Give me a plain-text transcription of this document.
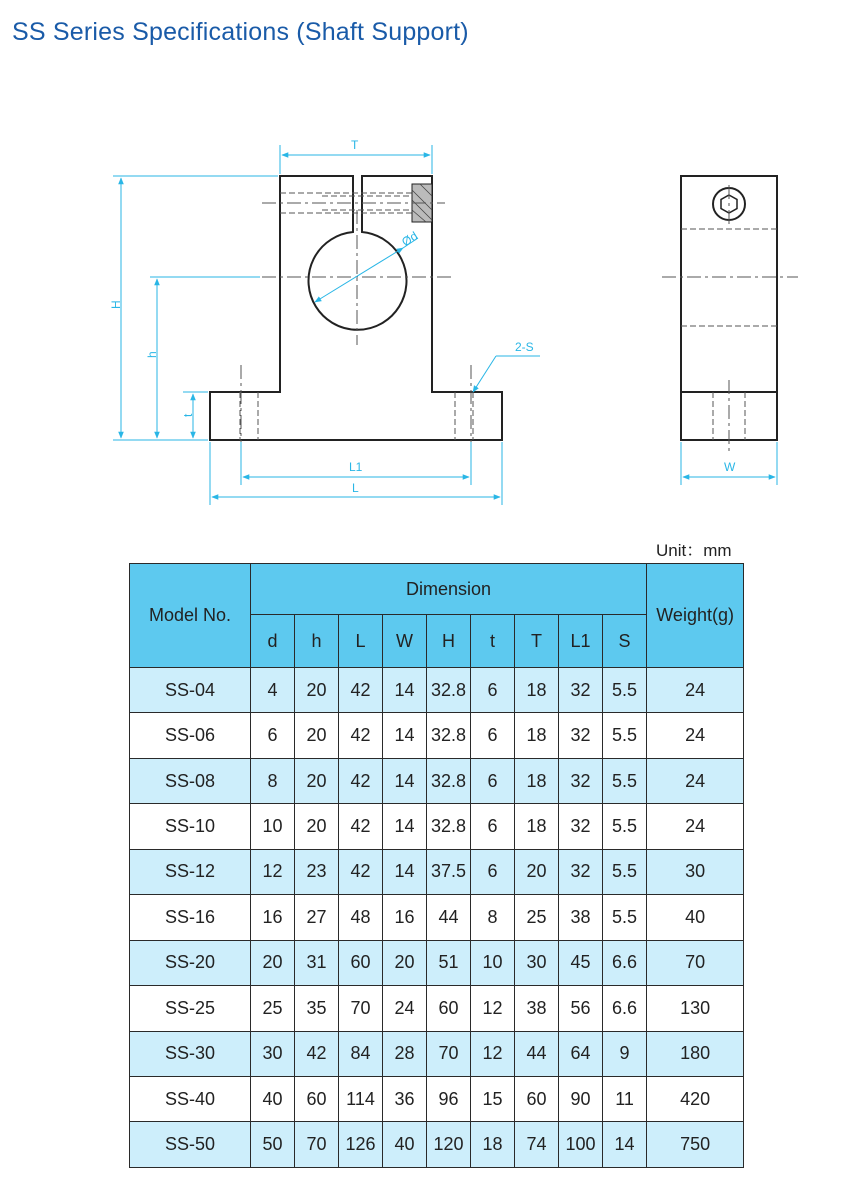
SS Series Specifications (Shaft Support)
T
H
h
t
Ød
2-S
L1
L
W
Unit：mm
Model No.	Dimension									Weight(g)
	d	h	L	W	H	t	T	L1	S	
SS-04	4	20	42	14	32.8	6	18	32	5.5	24
SS-06	6	20	42	14	32.8	6	18	32	5.5	24
SS-08	8	20	42	14	32.8	6	18	32	5.5	24
SS-10	10	20	42	14	32.8	6	18	32	5.5	24
SS-12	12	23	42	14	37.5	6	20	32	5.5	30
SS-16	16	27	48	16	44	8	25	38	5.5	40
SS-20	20	31	60	20	51	10	30	45	6.6	70
SS-25	25	35	70	24	60	12	38	56	6.6	130
SS-30	30	42	84	28	70	12	44	64	9	180
SS-40	40	60	114	36	96	15	60	90	11	420
SS-50	50	70	126	40	120	18	74	100	14	750
